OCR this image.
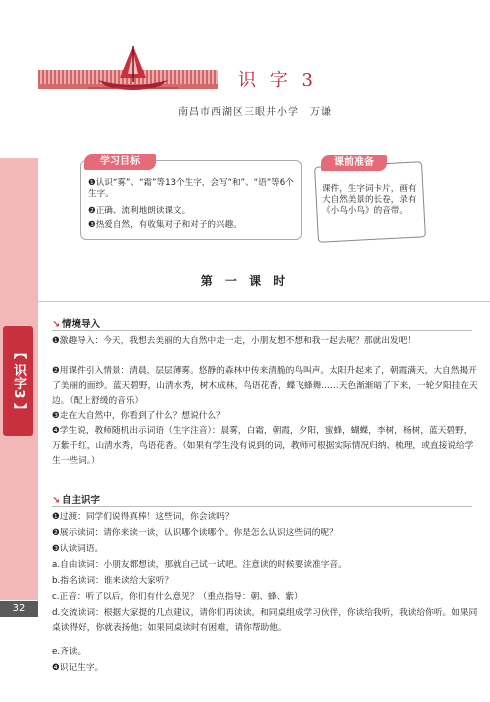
识 字 3
南昌市西湖区三眼井小学　万谦
【 识字3 】
32
学习目标
❶认识“雾”、“霜”等13个生字，会写“和”、“语”等6个生字。
❷正确、流利地朗读课文。
❸热爱自然，有收集对子和对子的兴趣。
课前准备
课件，生字词卡片，画有大自然美景的长卷，录有《小鸟小鸟》的音带。
第 一 课 时
↘ 情境导入
❶激趣导入：今天，我想去美丽的大自然中走一走，小朋友想不想和我一起去呢？那就出发吧！
❷用课件引入情景：清晨，层层薄雾。悠静的森林中传来清脆的鸟叫声。太阳升起来了，朝霞满天，大自然揭开了美丽的面纱。蓝天碧野，山清水秀，树木成林，鸟语花香，蝶飞蜂舞……天色渐渐暗了下来，一轮夕阳挂在天边。（配上舒缓的音乐）
❸走在大自然中，你看到了什么？想说什么？
❹学生说，教师随机出示词语（生字注音）：晨雾，白霜，朝霞，夕阳，蜜蜂，蝴蝶，李树，杨树，蓝天碧野，万紫千红，山清水秀，鸟语花香。（如果有学生没有说到的词，教师可根据实际情况归纳、梳理，或直接说给学生一些词。）
↘ 自主识字
❶过渡：同学们说得真棒！这些词，你会读吗？
❷展示读词：请你来读一读，认识哪个读哪个。你是怎么认识这些词的呢？
❸认读词语。
a.自由读词：小朋友都想读，那就自己试一试吧。注意读的时候要读准字音。
b.指名读词：谁来读给大家听？
c.正音：听了以后，你们有什么意见？（重点指导：朝、蜂、紫）
d.交流读词：根据大家提的几点建议，请你们再读读。和同桌组成学习伙伴，你读给我听，我读给你听。如果同桌读得好，你就表扬他；如果同桌读时有困难，请你帮助他。
e.齐读。
❹识记生字。
